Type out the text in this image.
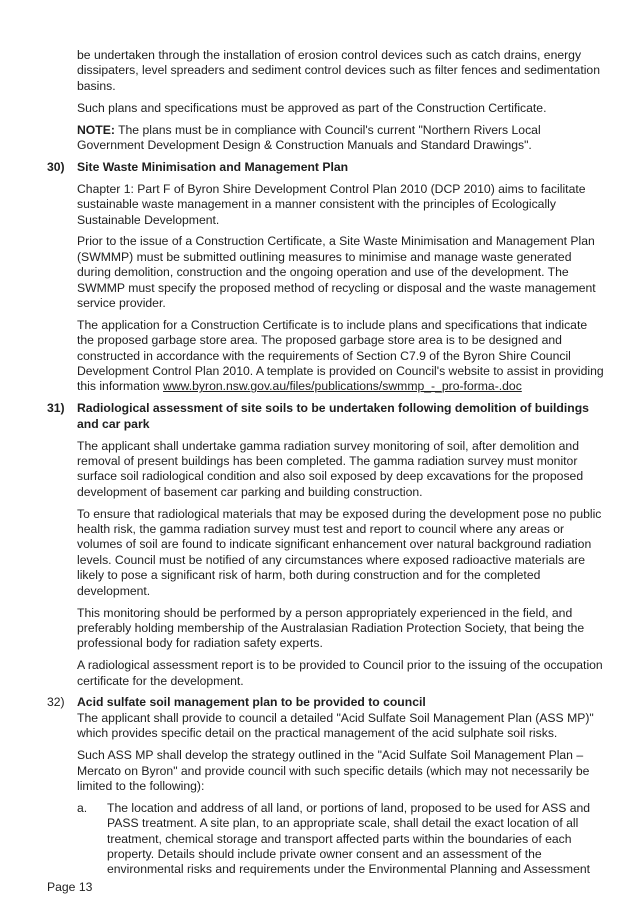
be undertaken through the installation of erosion control devices such as catch drains, energy
dissipaters, level spreaders and sediment control devices such as filter fences and sedimentation
basins.
Such plans and specifications must be approved as part of the Construction Certificate.
NOTE: The plans must be in compliance with Council's current "Northern Rivers Local
Government Development Design & Construction Manuals and Standard Drawings".
30) Site Waste Minimisation and Management Plan
Chapter 1: Part F of Byron Shire Development Control Plan 2010 (DCP 2010) aims to facilitate
sustainable waste management in a manner consistent with the principles of Ecologically
Sustainable Development.
Prior to the issue of a Construction Certificate, a Site Waste Minimisation and Management Plan
(SWMMP) must be submitted outlining measures to minimise and manage waste generated
during demolition, construction and the ongoing operation and use of the development. The
SWMMP must specify the proposed method of recycling or disposal and the waste management
service provider.
The application for a Construction Certificate is to include plans and specifications that indicate
the proposed garbage store area. The proposed garbage store area is to be designed and
constructed in accordance with the requirements of Section C7.9 of the Byron Shire Council
Development Control Plan 2010. A template is provided on Council's website to assist in providing
this information www.byron.nsw.gov.au/files/publications/swmmp_-_pro-forma-.doc
31) Radiological assessment of site soils to be undertaken following demolition of buildings
and car park
The applicant shall undertake gamma radiation survey monitoring of soil, after demolition and
removal of present buildings has been completed. The gamma radiation survey must monitor
surface soil radiological condition and also soil exposed by deep excavations for the proposed
development of basement car parking and building construction.
To ensure that radiological materials that may be exposed during the development pose no public
health risk, the gamma radiation survey must test and report to council where any areas or
volumes of soil are found to indicate significant enhancement over natural background radiation
levels. Council must be notified of any circumstances where exposed radioactive materials are
likely to pose a significant risk of harm, both during construction and for the completed
development.
This monitoring should be performed by a person appropriately experienced in the field, and
preferably holding membership of the Australasian Radiation Protection Society, that being the
professional body for radiation safety experts.
A radiological assessment report is to be provided to Council prior to the issuing of the occupation
certificate for the development.
32) Acid sulfate soil management plan to be provided to council
The applicant shall provide to council a detailed "Acid Sulfate Soil Management Plan (ASS MP)"
which provides specific detail on the practical management of the acid sulphate soil risks.
Such ASS MP shall develop the strategy outlined in the "Acid Sulfate Soil Management Plan –
Mercato on Byron" and provide council with such specific details (which may not necessarily be
limited to the following):
a. The location and address of all land, or portions of land, proposed to be used for ASS and
PASS treatment. A site plan, to an appropriate scale, shall detail the exact location of all
treatment, chemical storage and transport affected parts within the boundaries of each
property. Details should include private owner consent and an assessment of the
environmental risks and requirements under the Environmental Planning and Assessment
Page 13
